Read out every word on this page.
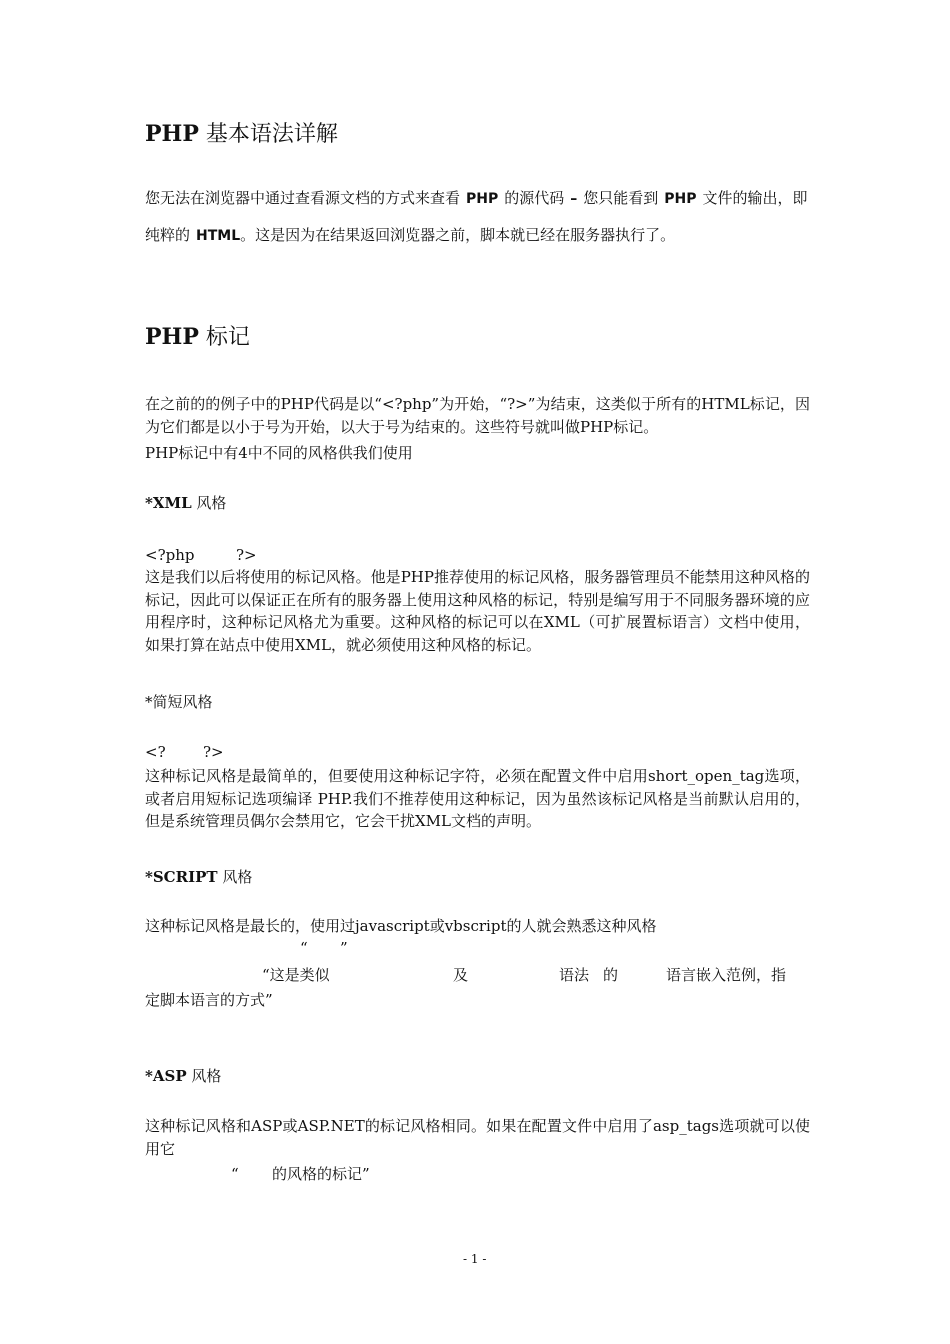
PHP 基本语法详解

您无法在浏览器中通过查看源文档的方式来查看 PHP 的源代码 – 您只能看到 PHP 文件的输出，即纯粹的 HTML。这是因为在结果返回浏览器之前，脚本就已经在服务器执行了。

PHP 标记

在之前的的例子中的PHP代码是以“<?php”为开始，“?>”为结束，这类似于所有的HTML标记，因为它们都是以小于号为开始，以大于号为结束的。这些符号就叫做PHP标记。

PHP标记中有4中不同的风格供我们使用

*XML 风格

<?php	?>

这是我们以后将使用的标记风格。他是PHP推荐使用的标记风格，服务器管理员不能禁用这种风格的标记，因此可以保证正在所有的服务器上使用这种风格的标记，特别是编写用于不同服务器环境的应用程序时，这种标记风格尤为重要。这种风格的标记可以在XML（可扩展置标语言）文档中使用，如果打算在站点中使用XML，就必须使用这种风格的标记。

*简短风格

<? ?>

这种标记风格是最简单的，但要使用这种标记字符，必须在配置文件中启用short_open_tag选项，或者启用短标记选项编译 PHP.我们不推荐使用这种标记，因为虽然该标记风格是当前默认启用的，但是系统管理员偶尔会禁用它，它会干扰XML文档的声明。

*SCRIPT 风格

这种标记风格是最长的，使用过javascript或vbscript的人就会熟悉这种风格

“ ”
“这是类似	及	语法 的	语言嵌入范例，指
定脚本语言的方式”

*ASP 风格

这种标记风格和ASP或ASP.NET的标记风格相同。如果在配置文件中启用了asp_tags选项就可以使用它

“ 的风格的标记”
- 1 -
